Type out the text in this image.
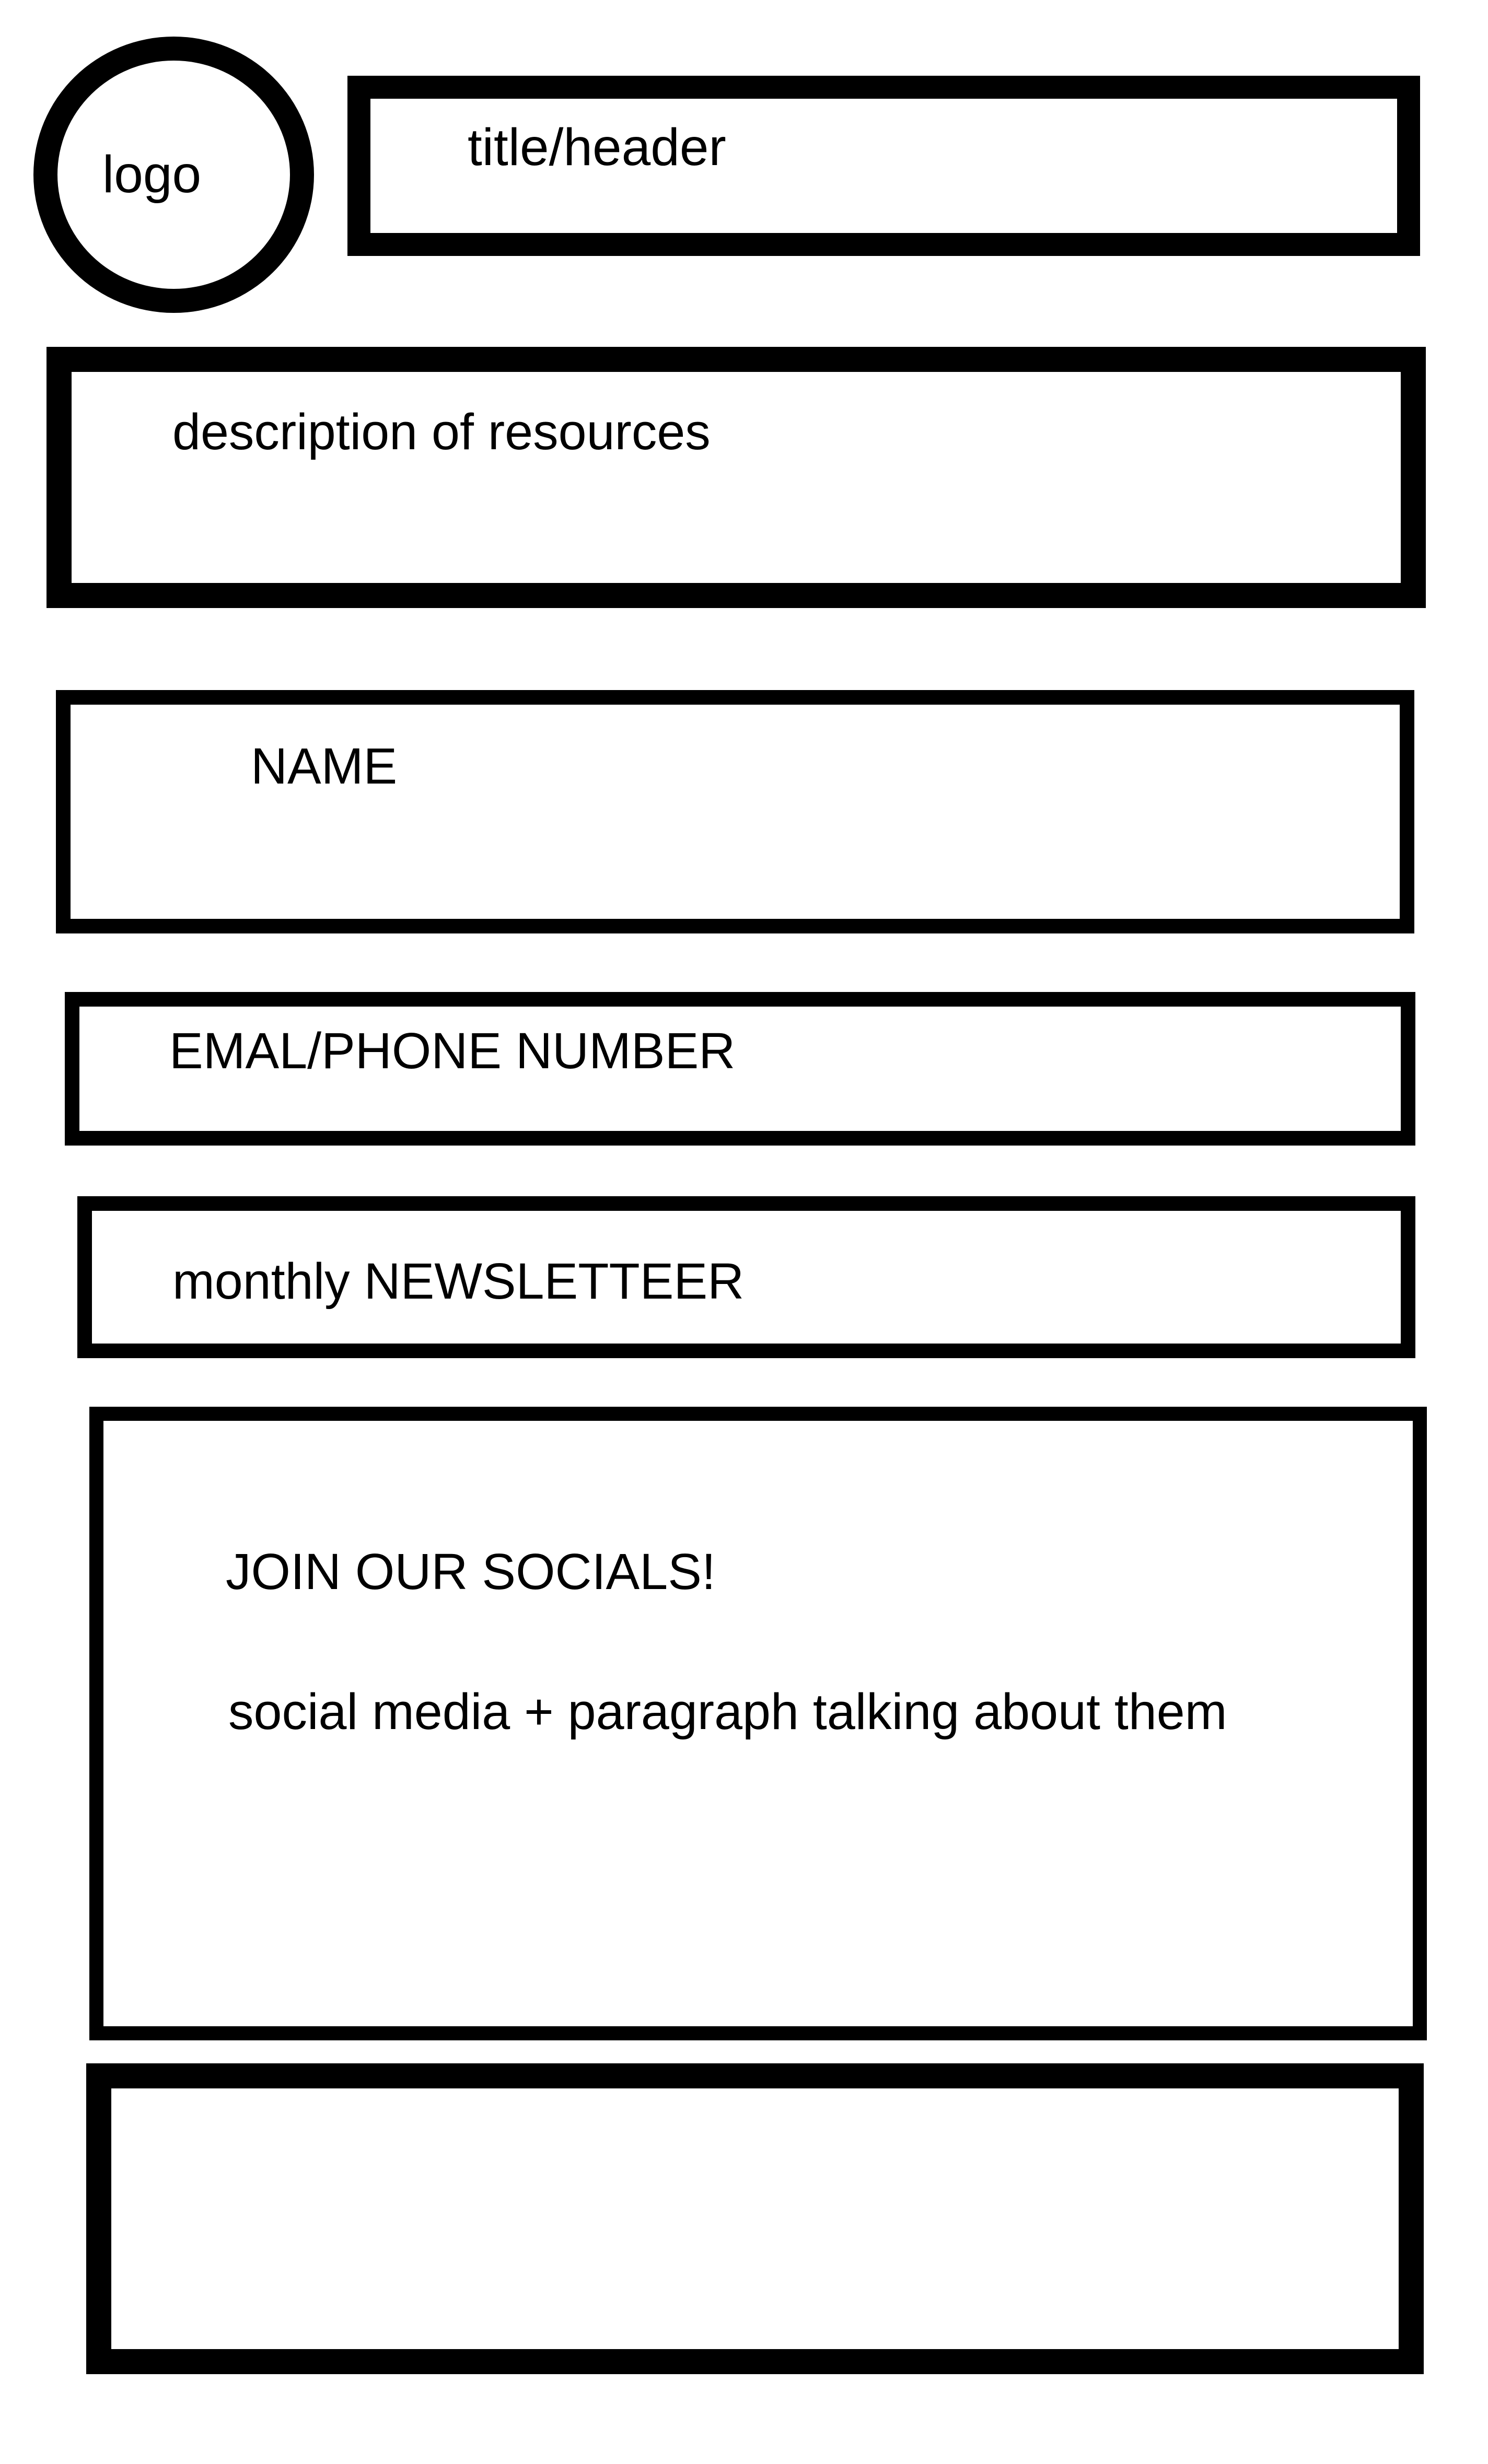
logo	title/header
description of resources
NAME
EMAL/PHONE NUMBER
monthly NEWSLETTEER
JOIN OUR SOCIALS!
social media + paragraph talking about them
